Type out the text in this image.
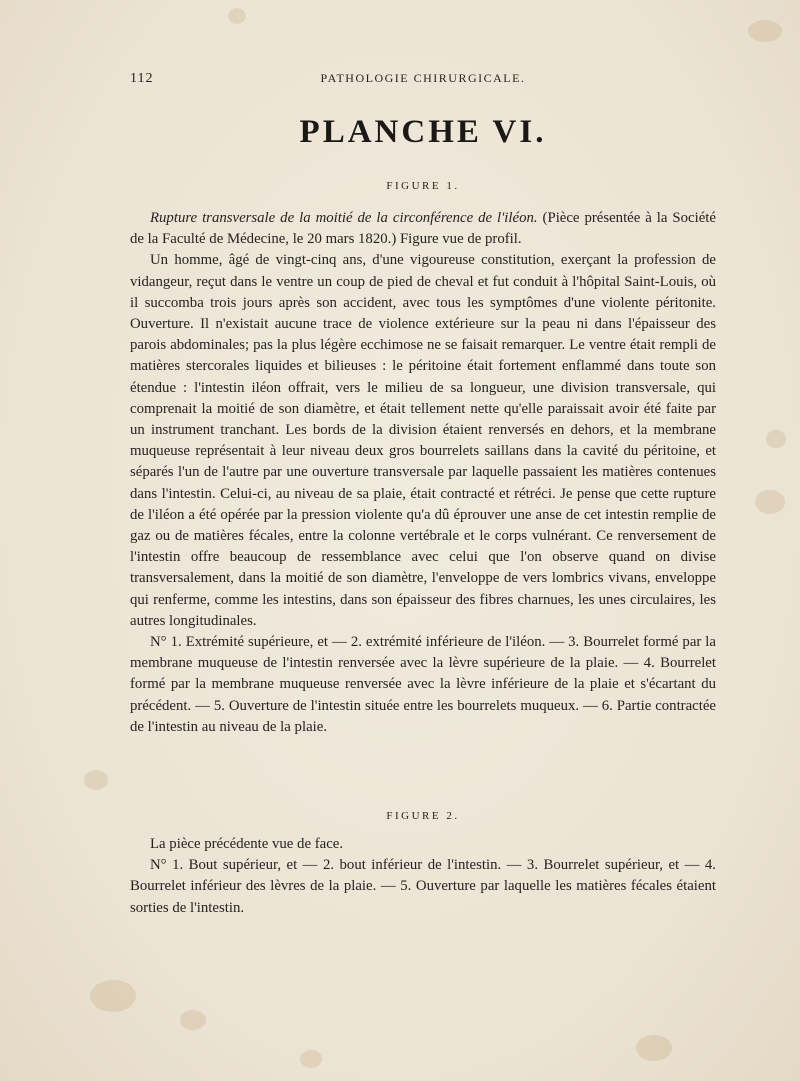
112	PATHOLOGIE CHIRURGICALE.
PLANCHE VI.
FIGURE 1.

Rupture transversale de la moitié de la circonférence de l'iléon. (Pièce présentée à la Société de la Faculté de Médecine, le 20 mars 1820.) Figure vue de profil.

Un homme, âgé de vingt-cinq ans, d'une vigoureuse constitution, exerçant la profession de vidangeur, reçut dans le ventre un coup de pied de cheval et fut conduit à l'hôpital Saint-Louis, où il succomba trois jours après son accident, avec tous les symptômes d'une violente péritonite. Ouverture. Il n'existait aucune trace de violence extérieure sur la peau ni dans l'épaisseur des parois abdominales; pas la plus légère ecchimose ne se faisait remarquer. Le ventre était rempli de matières stercorales liquides et bilieuses : le péritoine était fortement enflammé dans toute son étendue : l'intestin iléon offrait, vers le milieu de sa longueur, une division transversale, qui comprenait la moitié de son diamètre, et était tellement nette qu'elle paraissait avoir été faite par un instrument tranchant. Les bords de la division étaient renversés en dehors, et la membrane muqueuse représentait à leur niveau deux gros bourrelets saillans dans la cavité du péritoine, et séparés l'un de l'autre par une ouverture transversale par laquelle passaient les matières contenues dans l'intestin. Celui-ci, au niveau de sa plaie, était contracté et rétréci. Je pense que cette rupture de l'iléon a été opérée par la pression violente qu'a dû éprouver une anse de cet intestin remplie de gaz ou de matières fécales, entre la colonne vertébrale et le corps vulnérant. Ce renversement de l'intestin offre beaucoup de ressemblance avec celui que l'on observe quand on divise transversalement, dans la moitié de son diamètre, l'enveloppe de vers lombrics vivans, enveloppe qui renferme, comme les intestins, dans son épaisseur des fibres charnues, les unes circulaires, les autres longitudinales.

N° 1. Extrémité supérieure, et — 2. extrémité inférieure de l'iléon. — 3. Bourrelet formé par la membrane muqueuse de l'intestin renversée avec la lèvre supérieure de la plaie. — 4. Bourrelet formé par la membrane muqueuse renversée avec la lèvre inférieure de la plaie et s'écartant du précédent. — 5. Ouverture de l'intestin située entre les bourrelets muqueux. — 6. Partie contractée de l'intestin au niveau de la plaie.

FIGURE 2.

La pièce précédente vue de face.

N° 1. Bout supérieur, et — 2. bout inférieur de l'intestin. — 3. Bourrelet supérieur, et — 4. Bourrelet inférieur des lèvres de la plaie. — 5. Ouverture par laquelle les matières fécales étaient sorties de l'intestin.
